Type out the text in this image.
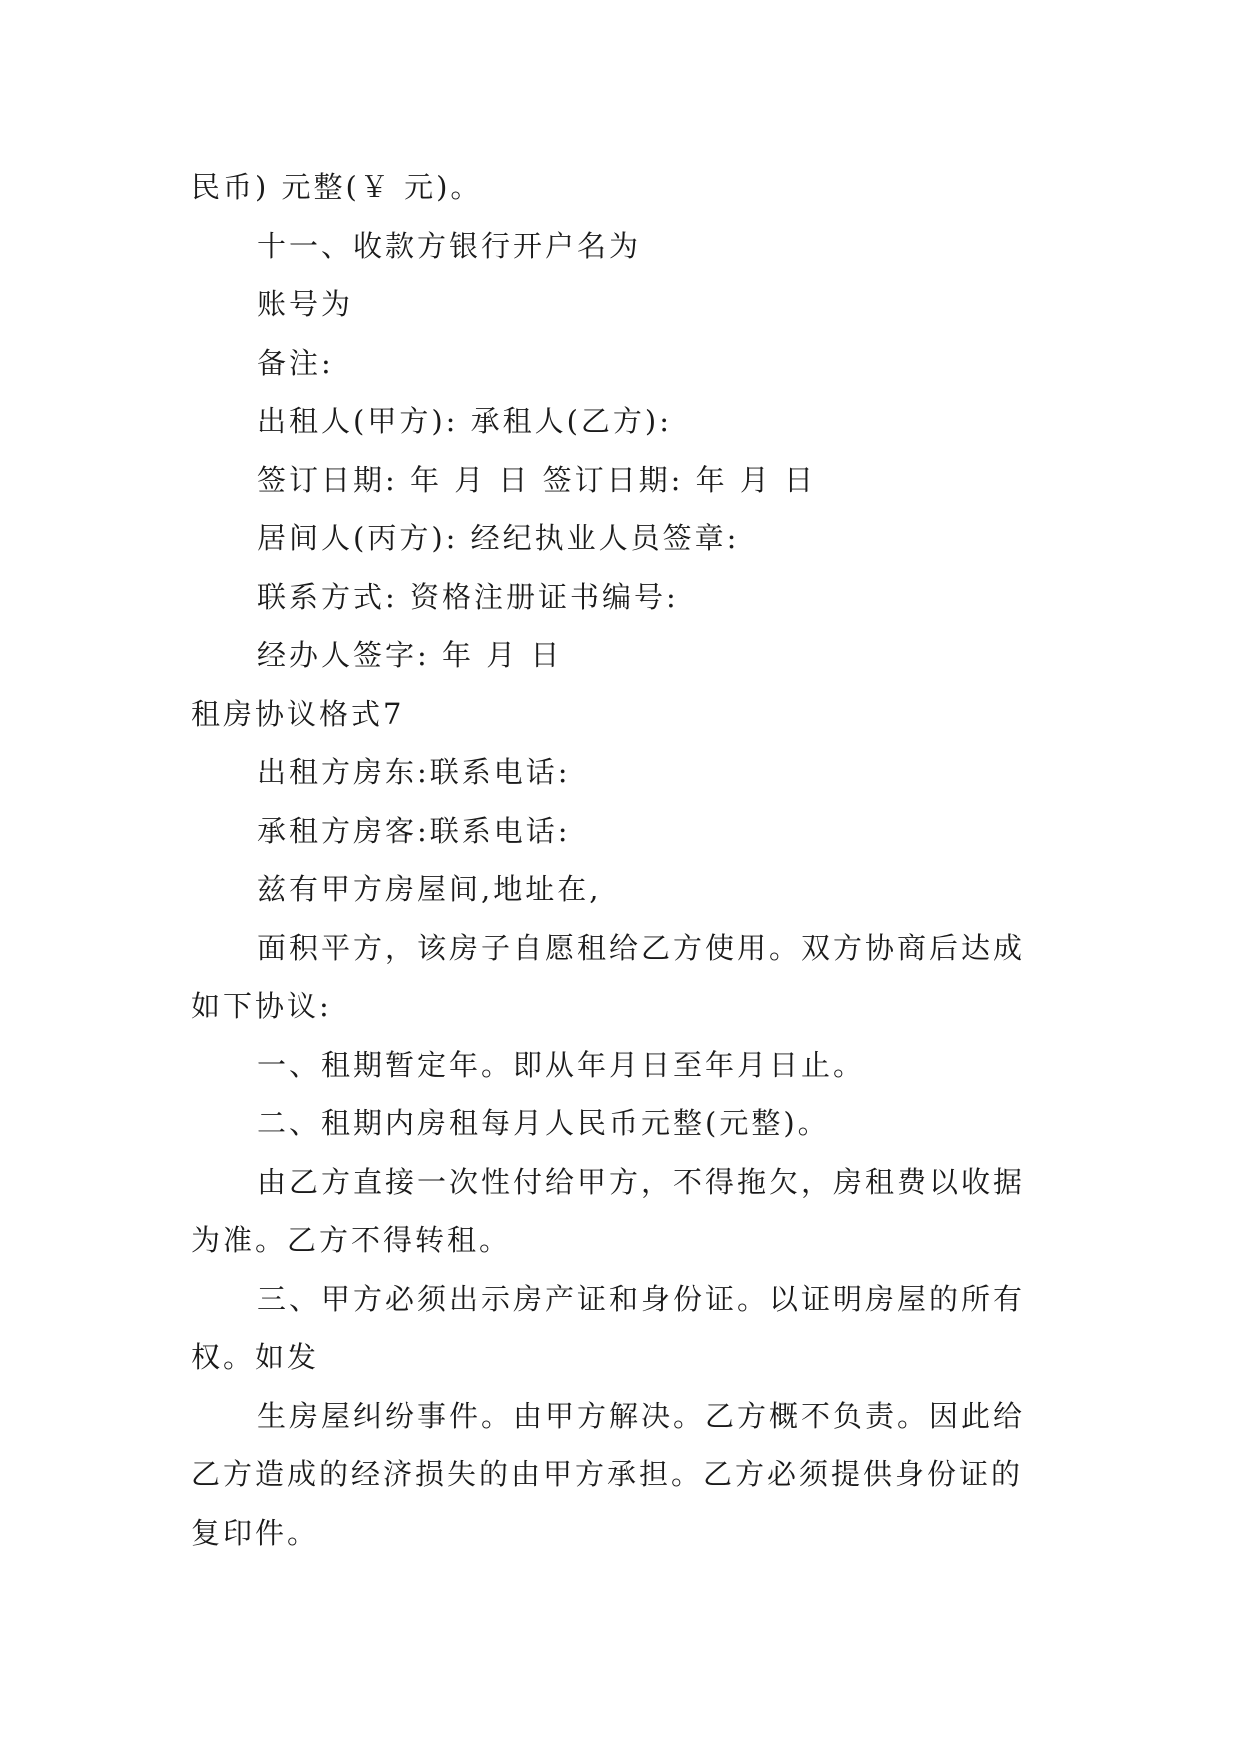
民币) 元整(￥ 元)。
十一、收款方银行开户名为
账号为
备注:
出租人(甲方): 承租人(乙方):
签订日期: 年 月 日 签订日期: 年 月 日
居间人(丙方): 经纪执业人员签章:
联系方式: 资格注册证书编号:
经办人签字: 年 月 日
租房协议格式7
出租方房东:联系电话:
承租方房客:联系电话:
兹有甲方房屋间,地址在,
面积平方，该房子自愿租给乙方使用。双方协商后达成
如下协议:
一、租期暂定年。即从年月日至年月日止。
二、租期内房租每月人民币元整(元整)。
由乙方直接一次性付给甲方，不得拖欠，房租费以收据
为准。乙方不得转租。
三、甲方必须出示房产证和身份证。以证明房屋的所有
权。如发
生房屋纠纷事件。由甲方解决。乙方概不负责。因此给
乙方造成的经济损失的由甲方承担。乙方必须提供身份证的
复印件。
